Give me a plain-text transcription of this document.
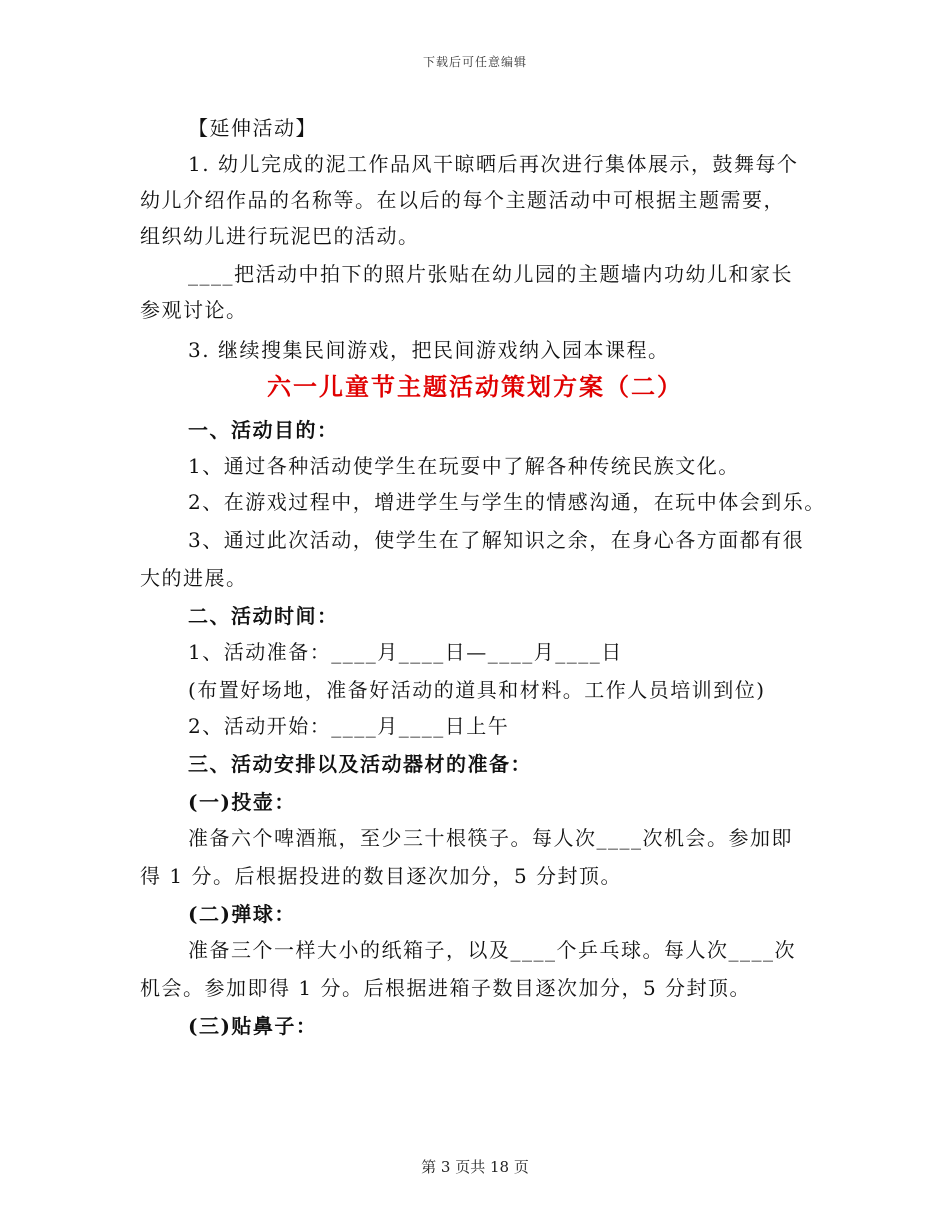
下载后可任意编辑
【延伸活动】
1. 幼儿完成的泥工作品风干晾晒后再次进行集体展示，鼓舞每个
幼儿介绍作品的名称等。在以后的每个主题活动中可根据主题需要，
组织幼儿进行玩泥巴的活动。
____把活动中拍下的照片张贴在幼儿园的主题墙内功幼儿和家长
参观讨论。
3. 继续搜集民间游戏，把民间游戏纳入园本课程。
六一儿童节主题活动策划方案（二）
一、活动目的：
1、通过各种活动使学生在玩耍中了解各种传统民族文化。
2、在游戏过程中，增进学生与学生的情感沟通，在玩中体会到乐。
3、通过此次活动，使学生在了解知识之余，在身心各方面都有很
大的进展。
二、活动时间：
1、活动准备：____月____日—____月____日
(布置好场地，准备好活动的道具和材料。工作人员培训到位)
2、活动开始：____月____日上午
三、活动安排以及活动器材的准备：
(一)投壶：
准备六个啤酒瓶，至少三十根筷子。每人次____次机会。参加即
得 1 分。后根据投进的数目逐次加分，5 分封顶。
(二)弹球：
准备三个一样大小的纸箱子，以及____个乒乓球。每人次____次
机会。参加即得 1 分。后根据进箱子数目逐次加分，5 分封顶。
(三)贴鼻子：
第 3 页共 18 页
